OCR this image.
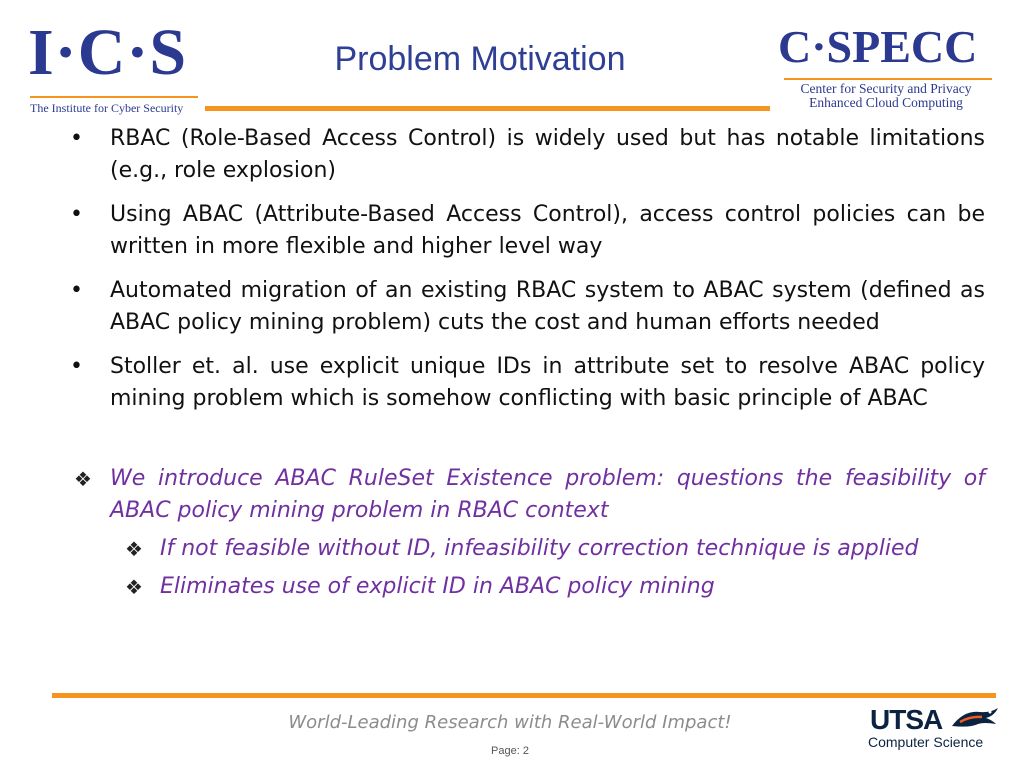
I·C·S
The Institute for Cyber Security
Problem Motivation	C·SPECC
Center for Security and Privacy
Enhanced Cloud Computing
• RBAC (Role-Based Access Control) is widely used but has notable limitations (e.g., role explosion)
• Using ABAC (Attribute-Based Access Control), access control policies can be written in more flexible and higher level way
• Automated migration of an existing RBAC system to ABAC system (defined as ABAC policy mining problem) cuts the cost and human efforts needed
• Stoller et. al. use explicit unique IDs in attribute set to resolve ABAC policy mining problem which is somehow conflicting with basic principle of ABAC
❖ We introduce ABAC RuleSet Existence problem: questions the feasibility of ABAC policy mining problem in RBAC context
❖ If not feasible without ID, infeasibility correction technique is applied
❖ Eliminates use of explicit ID in ABAC policy mining
World-Leading Research with Real-World Impact!
Page: 2
UTSA
Computer Science
